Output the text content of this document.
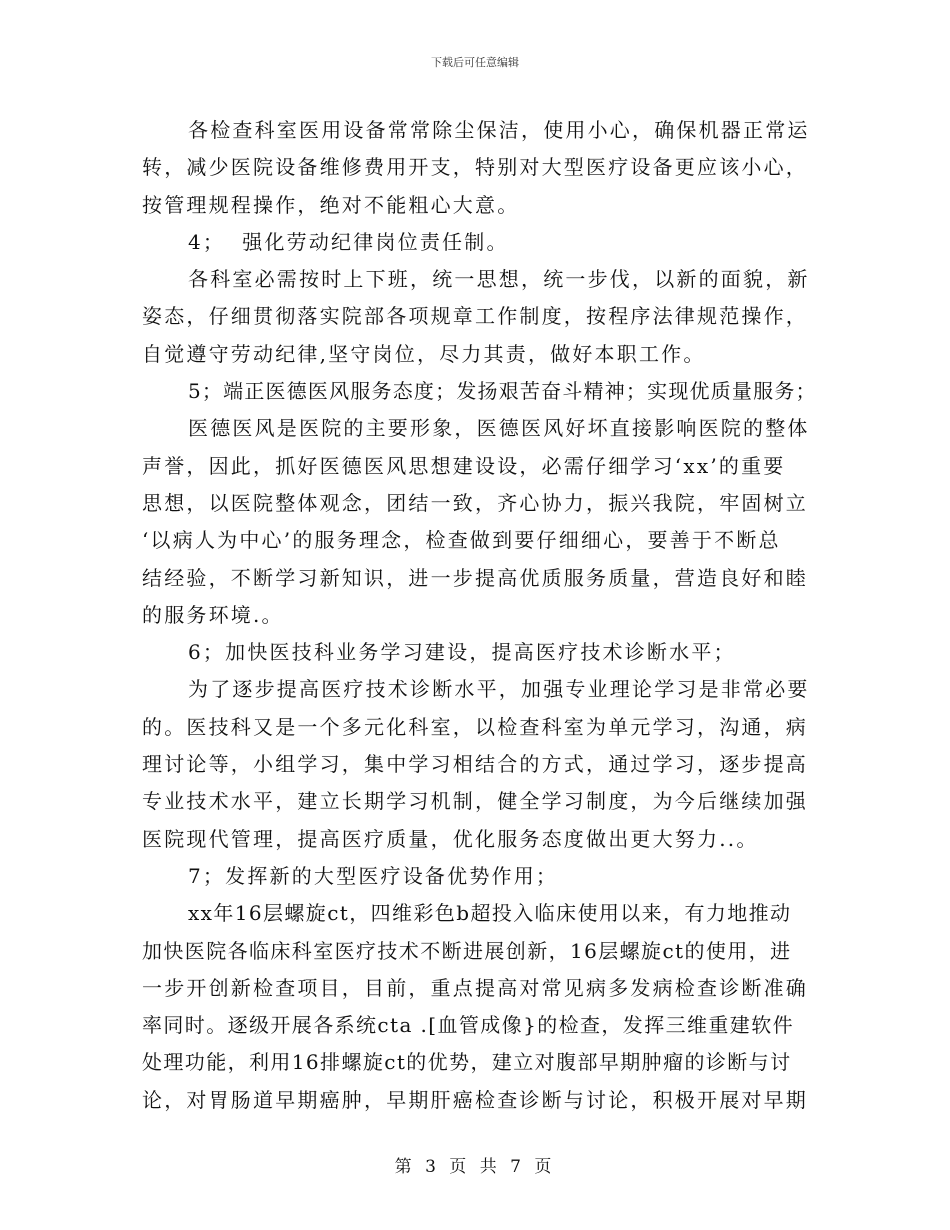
下载后可任意编辑
各检查科室医用设备常常除尘保洁，使用小心，确保机器正常运
转，减少医院设备维修费用开支，特别对大型医疗设备更应该小心，
按管理规程操作，绝对不能粗心大意。
4；  强化劳动纪律岗位责任制。
各科室必需按时上下班，统一思想，统一步伐，以新的面貌，新
姿态，仔细贯彻落实院部各项规章工作制度，按程序法律规范操作，
自觉遵守劳动纪律,坚守岗位，尽力其责，做好本职工作。
5；端正医德医风服务态度；发扬艰苦奋斗精神；实现优质量服务；
医德医风是医院的主要形象，医德医风好坏直接影响医院的整体
声誉，因此，抓好医德医风思想建设设，必需仔细学习‘xx’的重要
思想，以医院整体观念，团结一致，齐心协力，振兴我院，牢固树立
‘以病人为中心’的服务理念，检查做到要仔细细心，要善于不断总
结经验，不断学习新知识，进一步提高优质服务质量，营造良好和睦
的服务环境.。
6；加快医技科业务学习建设，提高医疗技术诊断水平；
为了逐步提高医疗技术诊断水平，加强专业理论学习是非常必要
的。医技科又是一个多元化科室，以检查科室为单元学习，沟通，病
理讨论等，小组学习，集中学习相结合的方式，通过学习，逐步提高
专业技术水平，建立长期学习机制，健全学习制度，为今后继续加强
医院现代管理，提高医疗质量，优化服务态度做出更大努力..。
7；发挥新的大型医疗设备优势作用；
xx年16层螺旋ct，四维彩色b超投入临床使用以来，有力地推动
加快医院各临床科室医疗技术不断进展创新，16层螺旋ct的使用，进
一步开创新检查项目，目前，重点提高对常见病多发病检查诊断准确
率同时。逐级开展各系统cta .[血管成像}的检查，发挥三维重建软件
处理功能，利用16排螺旋ct的优势，建立对腹部早期肿瘤的诊断与讨
论，对胃肠道早期癌肿，早期肝癌检查诊断与讨论，积极开展对早期
第 3 页 共 7 页
